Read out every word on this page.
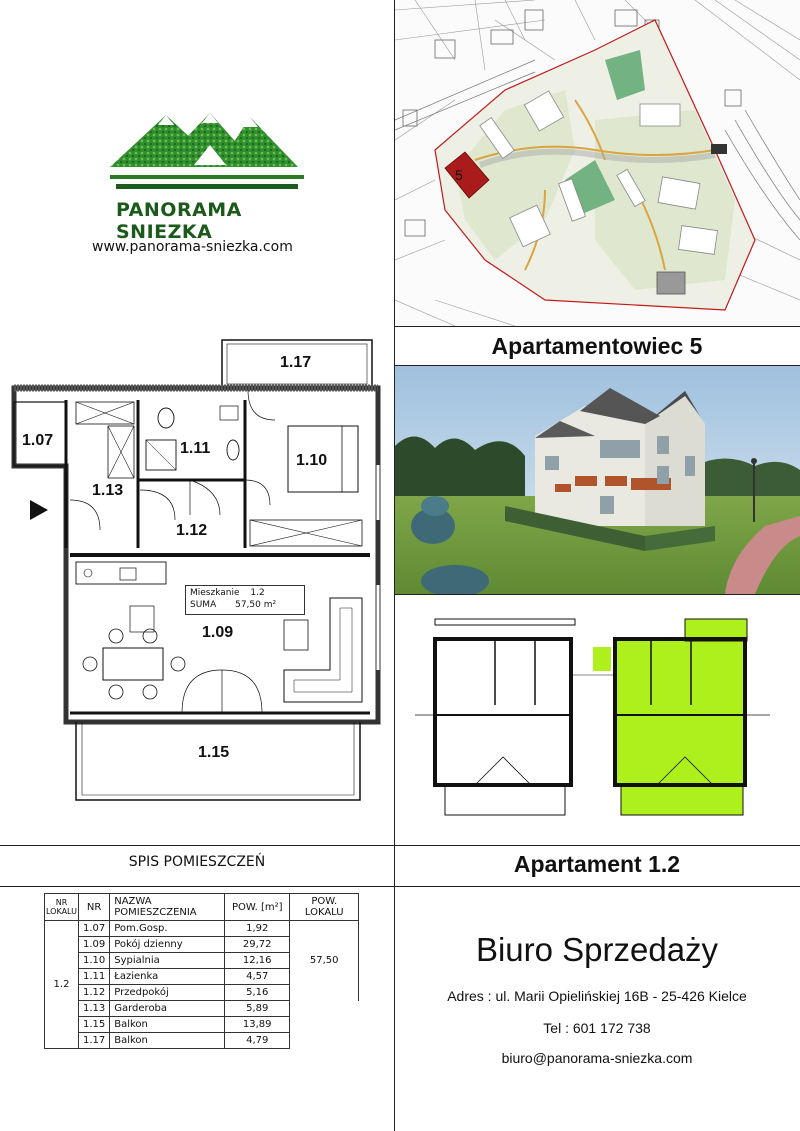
PANORAMA SNIEZKA
www.panorama-sniezka.com
5
Apartamentowiec 5
1.17
1.07	1.11
1.10
1.13
1.12
1.09
1.15
Mieszkanie 1.2
SUMA 57,50 m²
SPIS POMIESZCZEŃ	Apartament 1.2
NR
LOKALU	NR	NAZWA POMIESZCZENIA	POW. [m²]	POW. LOKALU
1.2	1.07	Pom.Gosp.	1,92	57,50
	1.09	Pokój dzienny	29,72	
	1.10	Sypialnia	12,16	
	1.11	Łazienka	4,57	
	1.12	Przedpokój	5,16	
	1.13	Garderoba	5,89	
	1.15	Balkon	13,89	
	1.17	Balkon	4,79	
Biuro Sprzedaży
Adres : ul. Marii Opielińskiej 16B - 25-426 Kielce
Tel : 601 172 738
biuro@panorama-sniezka.com
